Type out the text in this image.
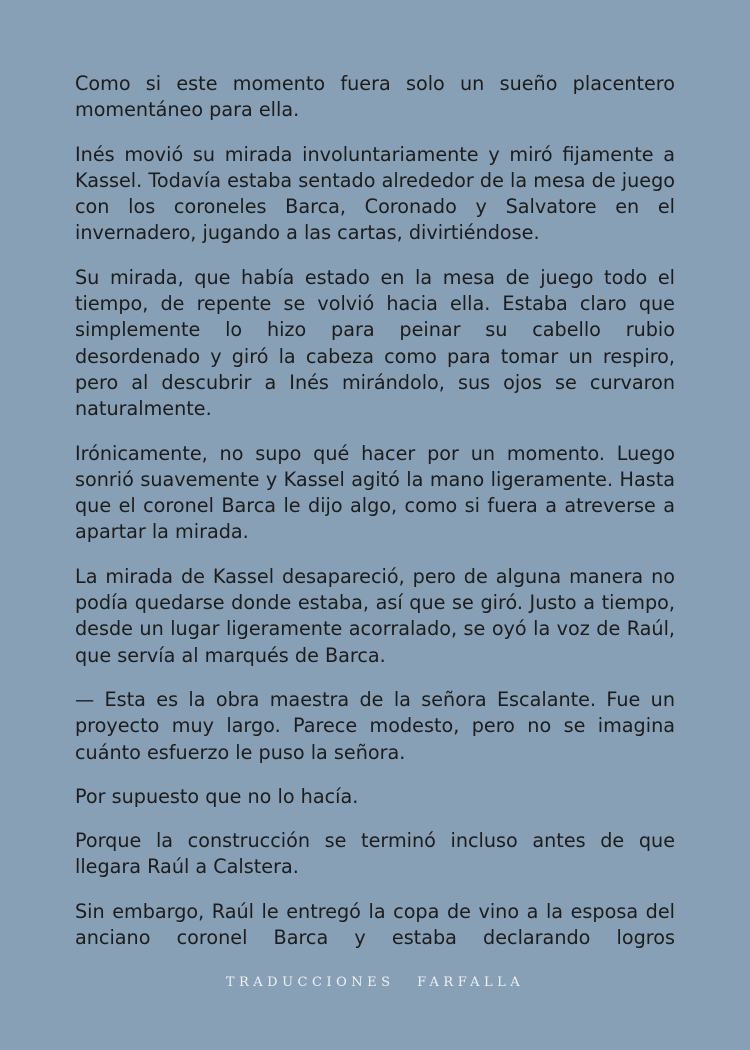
Como si este momento fuera solo un sueño placentero momentáneo para ella.

Inés movió su mirada involuntariamente y miró fijamente a Kassel. Todavía estaba sentado alrededor de la mesa de juego con los coroneles Barca, Coronado y Salvatore en el invernadero, jugando a las cartas, divirtiéndose.

Su mirada, que había estado en la mesa de juego todo el tiempo, de repente se volvió hacia ella. Estaba claro que simplemente lo hizo para peinar su cabello rubio desordenado y giró la cabeza como para tomar un respiro, pero al descubrir a Inés mirándolo, sus ojos se curvaron naturalmente.

Irónicamente, no supo qué hacer por un momento. Luego sonrió suavemente y Kassel agitó la mano ligeramente. Hasta que el coronel Barca le dijo algo, como si fuera a atreverse a apartar la mirada.

La mirada de Kassel desapareció, pero de alguna manera no podía quedarse donde estaba, así que se giró. Justo a tiempo, desde un lugar ligeramente acorralado, se oyó la voz de Raúl, que servía al marqués de Barca.

— Esta es la obra maestra de la señora Escalante. Fue un proyecto muy largo. Parece modesto, pero no se imagina cuánto esfuerzo le puso la señora.

Por supuesto que no lo hacía.

Porque la construcción se terminó incluso antes de que llegara Raúl a Calstera.

Sin embargo, Raúl le entregó la copa de vino a la esposa del anciano coronel Barca y estaba declarando logros

TRADUCCIONES FARFALLA
